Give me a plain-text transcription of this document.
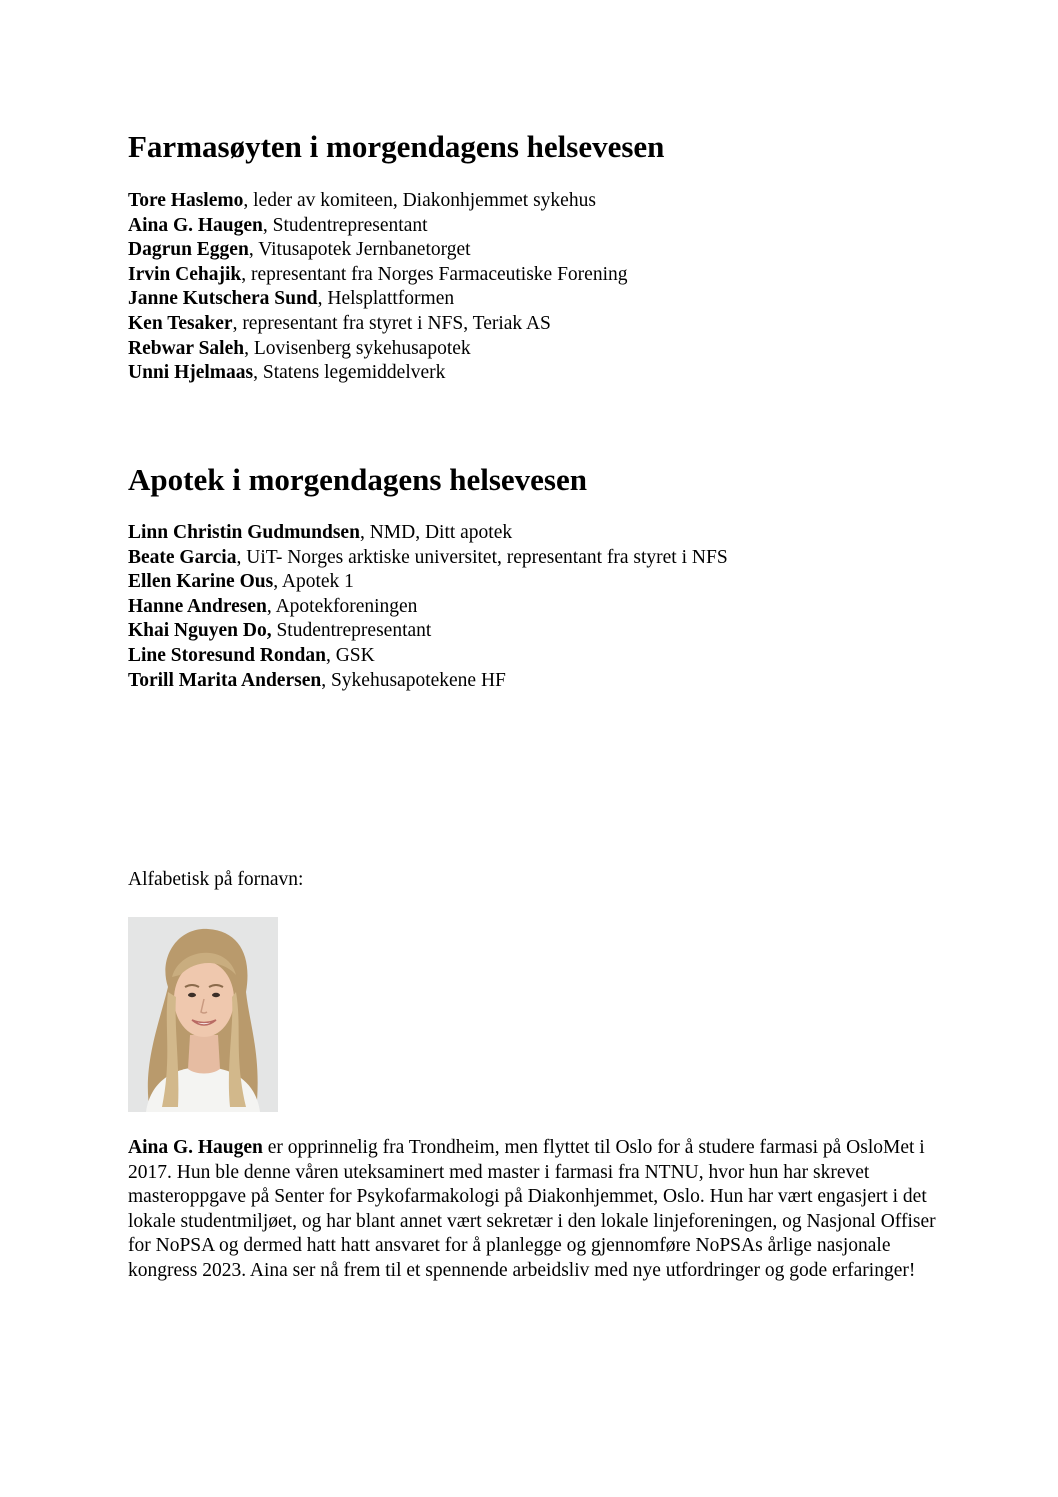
Farmasøyten i morgendagens helsevesen
Tore Haslemo, leder av komiteen, Diakonhjemmet sykehus
Aina G. Haugen, Studentrepresentant
Dagrun Eggen, Vitusapotek Jernbanetorget
Irvin Cehajik, representant fra Norges Farmaceutiske Forening
Janne Kutschera Sund, Helsplattformen
Ken Tesaker, representant fra styret i NFS, Teriak AS
Rebwar Saleh, Lovisenberg sykehusapotek
Unni Hjelmaas, Statens legemiddelverk
Apotek i morgendagens helsevesen
Linn Christin Gudmundsen, NMD, Ditt apotek
Beate Garcia, UiT- Norges arktiske universitet, representant fra styret i NFS
Ellen Karine Ous, Apotek 1
Hanne Andresen, Apotekforeningen
Khai Nguyen Do, Studentrepresentant
Line Storesund Rondan, GSK
Torill Marita Andersen, Sykehusapotekene HF
Alfabetisk på fornavn:
Aina G. Haugen er opprinnelig fra Trondheim, men flyttet til Oslo for å studere farmasi på OsloMet i 2017. Hun ble denne våren uteksaminert med master i farmasi fra NTNU, hvor hun har skrevet masteroppgave på Senter for Psykofarmakologi på Diakonhjemmet, Oslo. Hun har vært engasjert i det lokale studentmiljøet, og har blant annet vært sekretær i den lokale linjeforeningen, og Nasjonal Offiser for NoPSA og dermed hatt hatt ansvaret for å planlegge og gjennomføre NoPSAs årlige nasjonale kongress 2023. Aina ser nå frem til et spennende arbeidsliv med nye utfordringer og gode erfaringer!
